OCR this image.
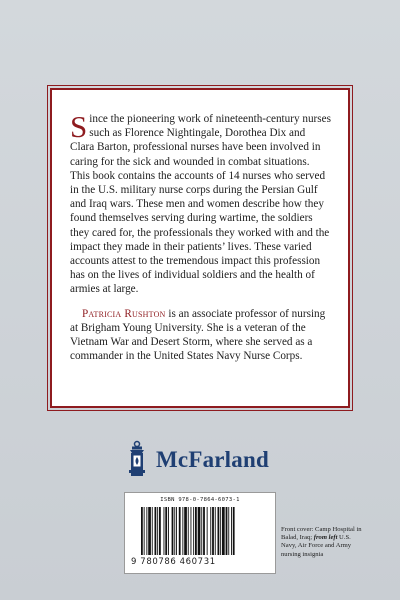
Since the pioneering work of nineteenth-century nurses such as Florence Nightingale, Dorothea Dix and Clara Barton, professional nurses have been involved in caring for the sick and wounded in combat situations. This book contains the accounts of 14 nurses who served in the U.S. military nurse corps during the Persian Gulf and Iraq wars. These men and women describe how they found themselves serving during wartime, the soldiers they cared for, the professionals they worked with and the impact they made in their patients’ lives. These varied accounts attest to the tremendous impact this profession has on the lives of individual soldiers and the health of armies at large.

Patricia Rushton is an associate professor of nursing at Brigham Young University. She is a veteran of the Vietnam War and Desert Storm, where she served as a commander in the United States Navy Nurse Corps.

McFarland
ISBN 978-0-7864-6073-1
9 780786 460731

Front cover: Camp Hospital in Balad, Iraq; from left U.S. Navy, Air Force and Army nursing insignia
